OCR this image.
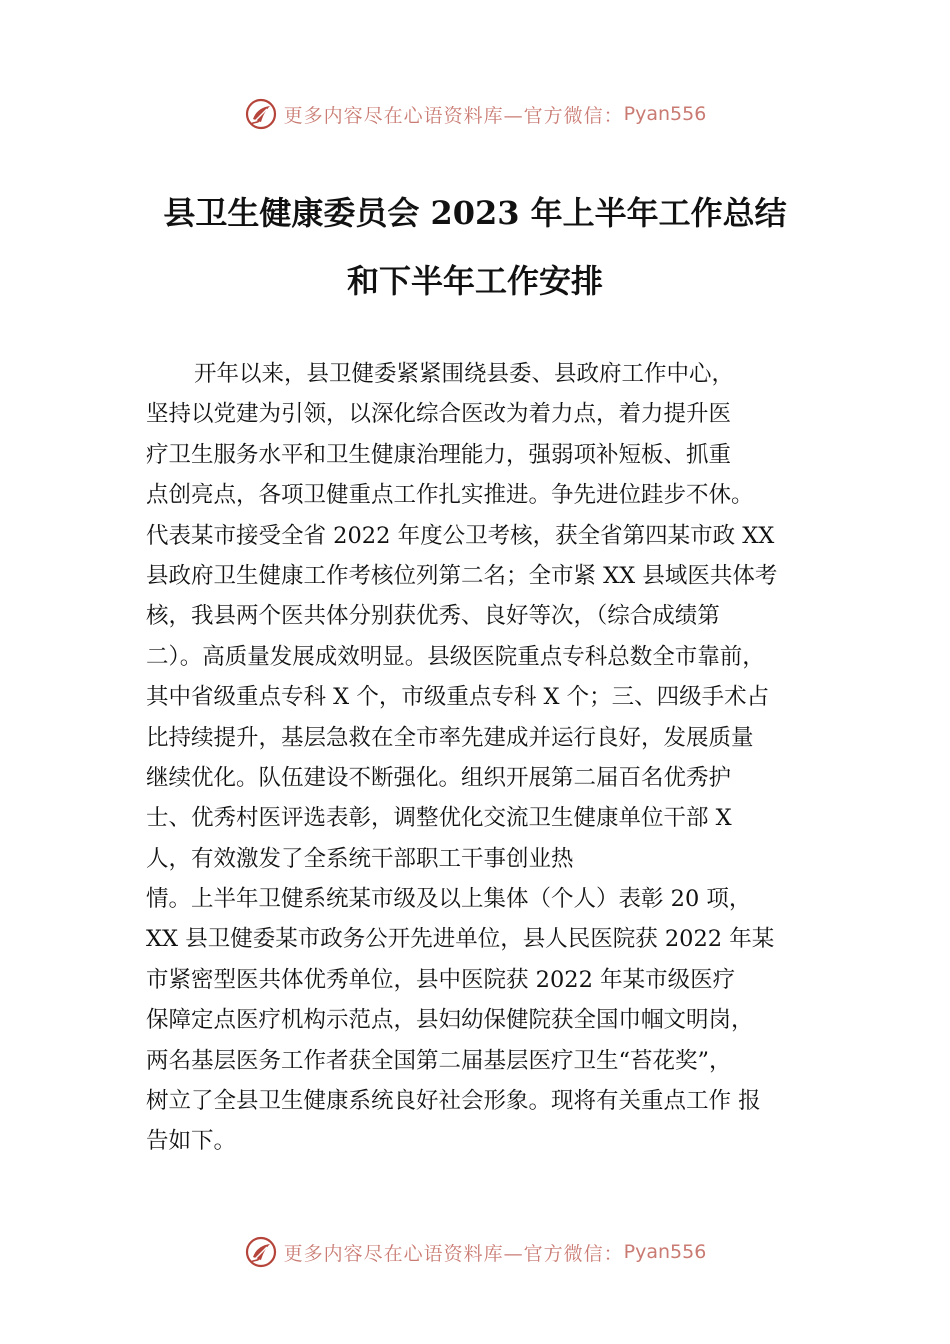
更多内容尽在心语资料库—官方微信： Pyan556
县卫生健康委员会 2023 年上半年工作总结
和下半年工作安排
开年以来，县卫健委紧紧围绕县委、县政府工作中心，
坚持以党建为引领，以深化综合医改为着力点，着力提升医
疗卫生服务水平和卫生健康治理能力，强弱项补短板、抓重
点创亮点，各项卫健重点工作扎实推进。争先进位跬步不休。
代表某市接受全省 2022 年度公卫考核，获全省第四某市政 XX
县政府卫生健康工作考核位列第二名；全市紧 XX 县域医共体考
核，我县两个医共体分别获优秀、良好等次，（综合成绩第
二）。高质量发展成效明显。县级医院重点专科总数全市靠前，
其中省级重点专科 X 个，市级重点专科 X 个；三、四级手术占
比持续提升，基层急救在全市率先建成并运行良好，发展质量
继续优化。队伍建设不断强化。组织开展第二届百名优秀护
士、优秀村医评选表彰，调整优化交流卫生健康单位干部 X
人，有效激发了全系统干部职工干事创业热
情。上半年卫健系统某市级及以上集体（个人）表彰 20 项，
XX 县卫健委某市政务公开先进单位，县人民医院获 2022 年某
市紧密型医共体优秀单位，县中医院获 2022 年某市级医疗
保障定点医疗机构示范点，县妇幼保健院获全国巾帼文明岗，
两名基层医务工作者获全国第二届基层医疗卫生“苔花奖”，
树立了全县卫生健康系统良好社会形象。现将有关重点工作 报
告如下。
更多内容尽在心语资料库—官方微信： Pyan556
